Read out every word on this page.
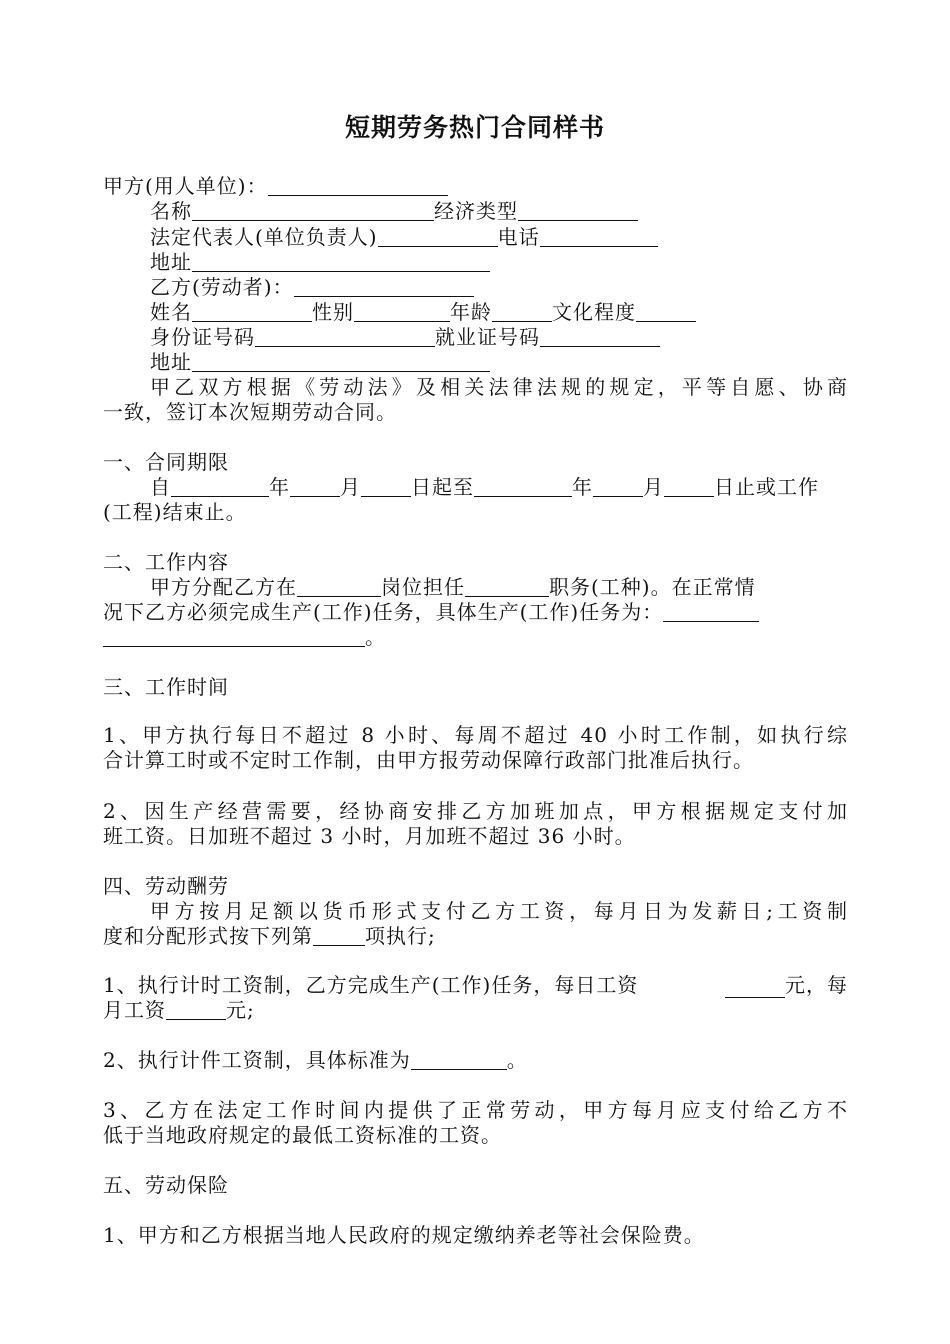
短期劳务热门合同样书
甲方(用人单位)：
名称	经济类型
法定代表人(单位负责人)	电话
地址
乙方(劳动者)：
姓名	性别	年龄	文化程度
身份证号码	就业证号码
地址
甲乙双方根据《劳动法》及相关法律法规的规定，平等自愿、协商
一致，签订本次短期劳动合同。
一、合同期限
自	年	月	日起至	年	月	日止或工作
(工程)结束止。
二、工作内容
甲方分配乙方在	岗位担任	职务(工种)。在正常情
况下乙方必须完成生产(工作)任务，具体生产(工作)任务为：
。
三、工作时间
1、甲方执行每日不超过 8 小时、每周不超过 40 小时工作制，如执行综
合计算工时或不定时工作制，由甲方报劳动保障行政部门批准后执行。
2、因生产经营需要，经协商安排乙方加班加点，甲方根据规定支付加
班工资。日加班不超过 3 小时，月加班不超过 36 小时。
四、劳动酬劳
甲方按月足额以货币形式支付乙方工资，每月日为发薪日;工资制
度和分配形式按下列第	项执行;
1、执行计时工资制，乙方完成生产(工作)任务，每日工资	元，每
月工资	元;
2、执行计件工资制，具体标准为	。
3、乙方在法定工作时间内提供了正常劳动，甲方每月应支付给乙方不
低于当地政府规定的最低工资标准的工资。
五、劳动保险
1、甲方和乙方根据当地人民政府的规定缴纳养老等社会保险费。
